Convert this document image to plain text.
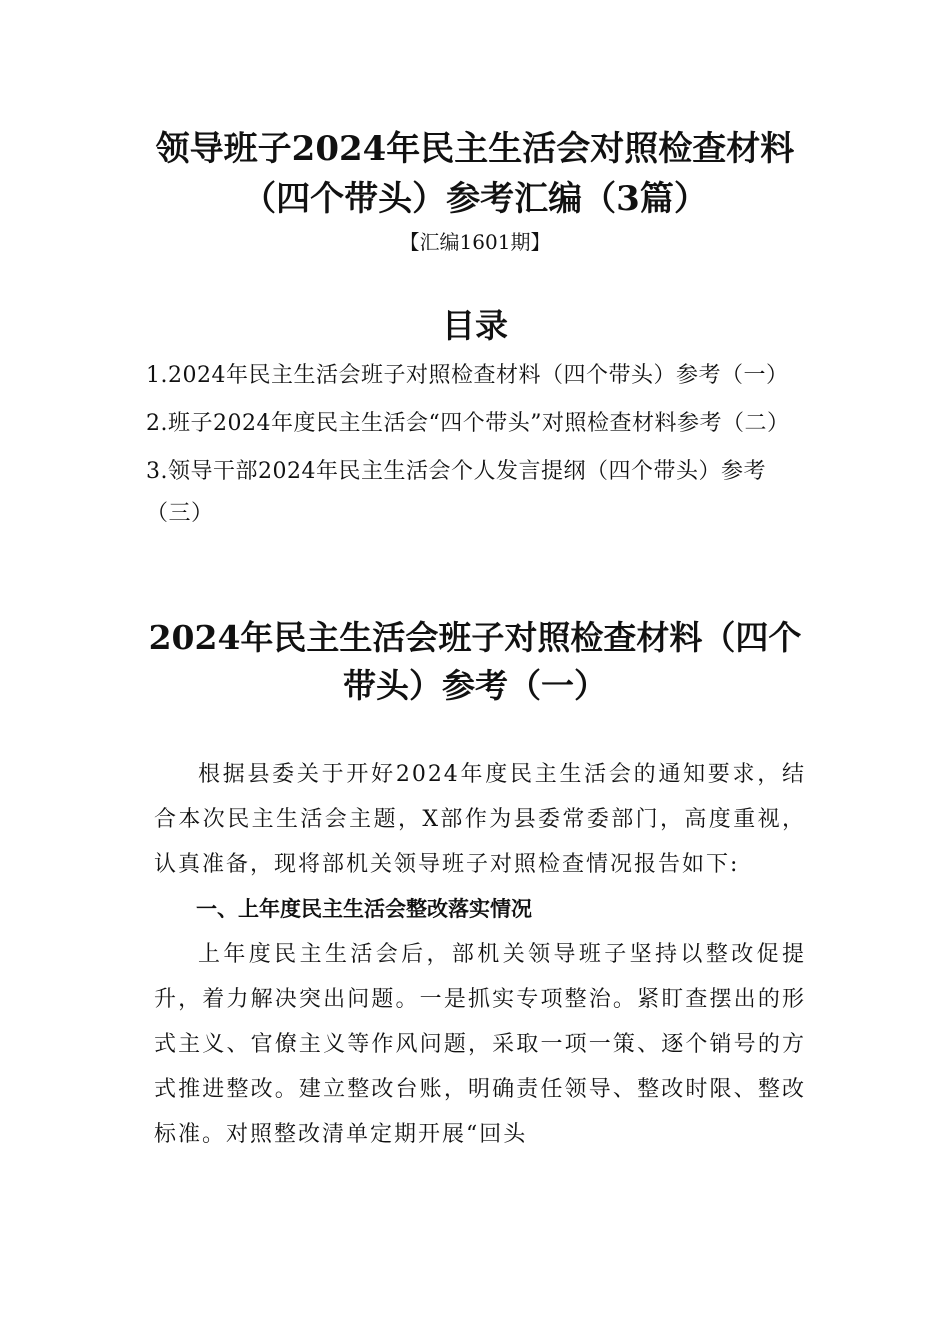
领导班子2024年民主生活会对照检查材料
（四个带头）参考汇编（3篇）

【汇编1601期】

目录
1.2024年民主生活会班子对照检查材料（四个带头）参考（一）
2.班子2024年度民主生活会“四个带头”对照检查材料参考（二）
3.领导干部2024年民主生活会个人发言提纲（四个带头）参考（三）
2024年民主生活会班子对照检查材料（四个带头）参考（一）

根据县委关于开好2024年度民主生活会的通知要求，结合本次民主生活会主题，X部作为县委常委部门，高度重视，认真准备，现将部机关领导班子对照检查情况报告如下:

一、上年度民主生活会整改落实情况

上年度民主生活会后，部机关领导班子坚持以整改促提升，着力解决突出问题。一是抓实专项整治。紧盯查摆出的形式主义、官僚主义等作风问题，采取一项一策、逐个销号的方式推进整改。建立整改台账，明确责任领导、整改时限、整改标准。对照整改清单定期开展“回头
